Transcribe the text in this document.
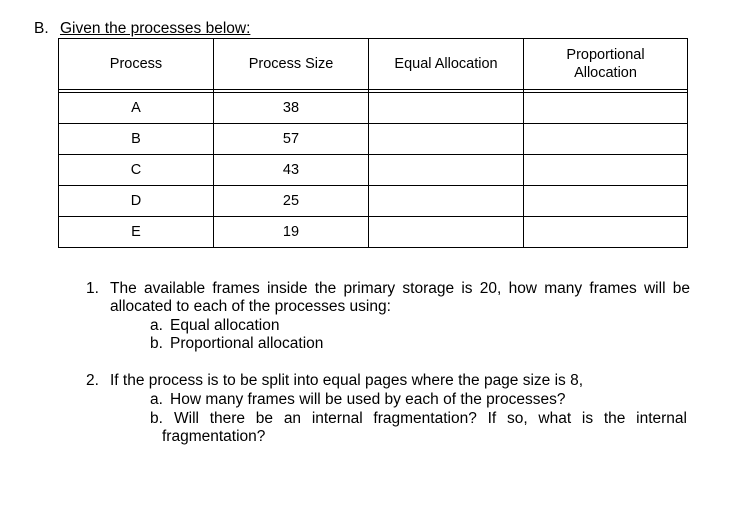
B. Given the processes below:
Process	Process Size	Equal Allocation	Proportional Allocation

A	38		
B	57		
C	43		
D	25		
E	19		
1. The available frames inside the primary storage is 20, how many frames will be
allocated to each of the processes using:
a. Equal allocation
b. Proportional allocation
2. If the process is to be split into equal pages where the page size is 8,
a. How many frames will be used by each of the processes?
b. Will there be an internal fragmentation? If so, what is the internal
fragmentation?
